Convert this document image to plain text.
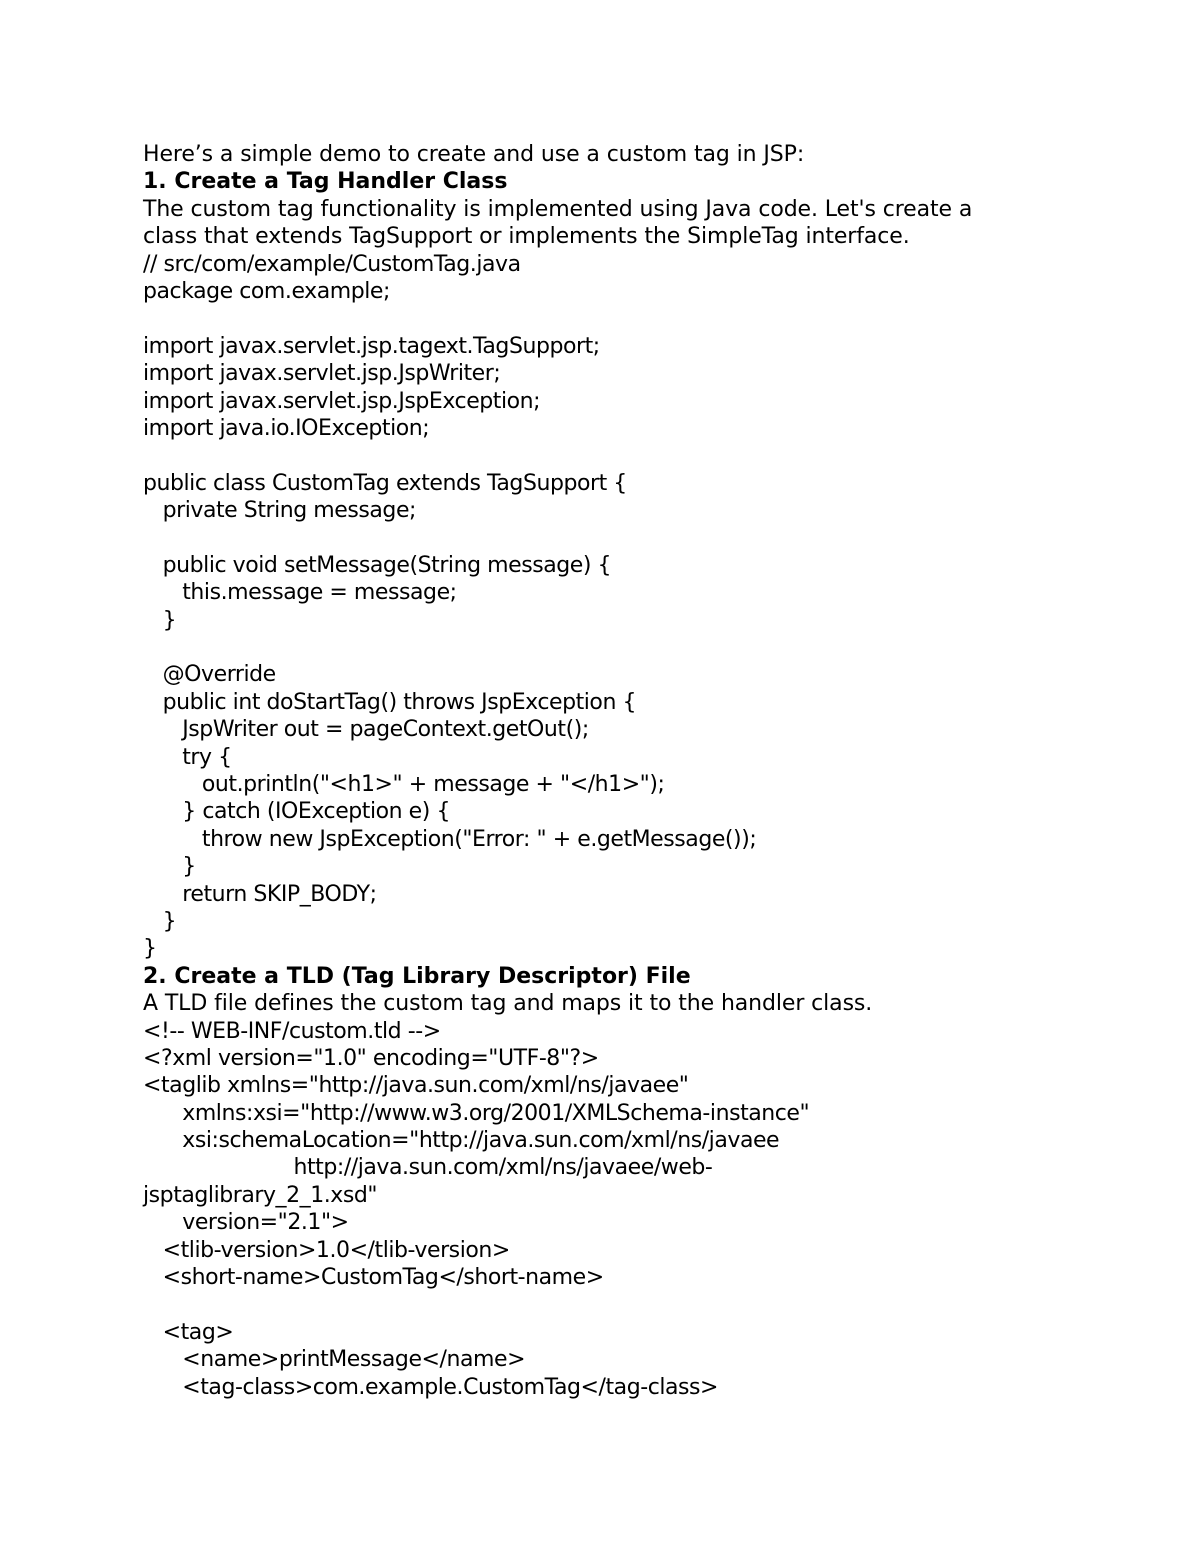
Here’s a simple demo to create and use a custom tag in JSP:
1. Create a Tag Handler Class
The custom tag functionality is implemented using Java code. Let's create a
class that extends TagSupport or implements the SimpleTag interface.
// src/com/example/CustomTag.java
package com.example;
import javax.servlet.jsp.tagext.TagSupport;
import javax.servlet.jsp.JspWriter;
import javax.servlet.jsp.JspException;
import java.io.IOException;
public class CustomTag extends TagSupport {
private String message;
public void setMessage(String message) {
this.message = message;
}
@Override
public int doStartTag() throws JspException {
JspWriter out = pageContext.getOut();
try {
out.println("<h1>" + message + "</h1>");
} catch (IOException e) {
throw new JspException("Error: " + e.getMessage());
}
return SKIP_BODY;
}
}
2. Create a TLD (Tag Library Descriptor) File
A TLD file defines the custom tag and maps it to the handler class.
<!-- WEB-INF/custom.tld -->
<?xml version="1.0" encoding="UTF-8"?>
<taglib xmlns="http://java.sun.com/xml/ns/javaee"
xmlns:xsi="http://www.w3.org/2001/XMLSchema-instance"
xsi:schemaLocation="http://java.sun.com/xml/ns/javaee
http://java.sun.com/xml/ns/javaee/web-
jsptaglibrary_2_1.xsd"
version="2.1">
<tlib-version>1.0</tlib-version>
<short-name>CustomTag</short-name>
<tag>
<name>printMessage</name>
<tag-class>com.example.CustomTag</tag-class>
